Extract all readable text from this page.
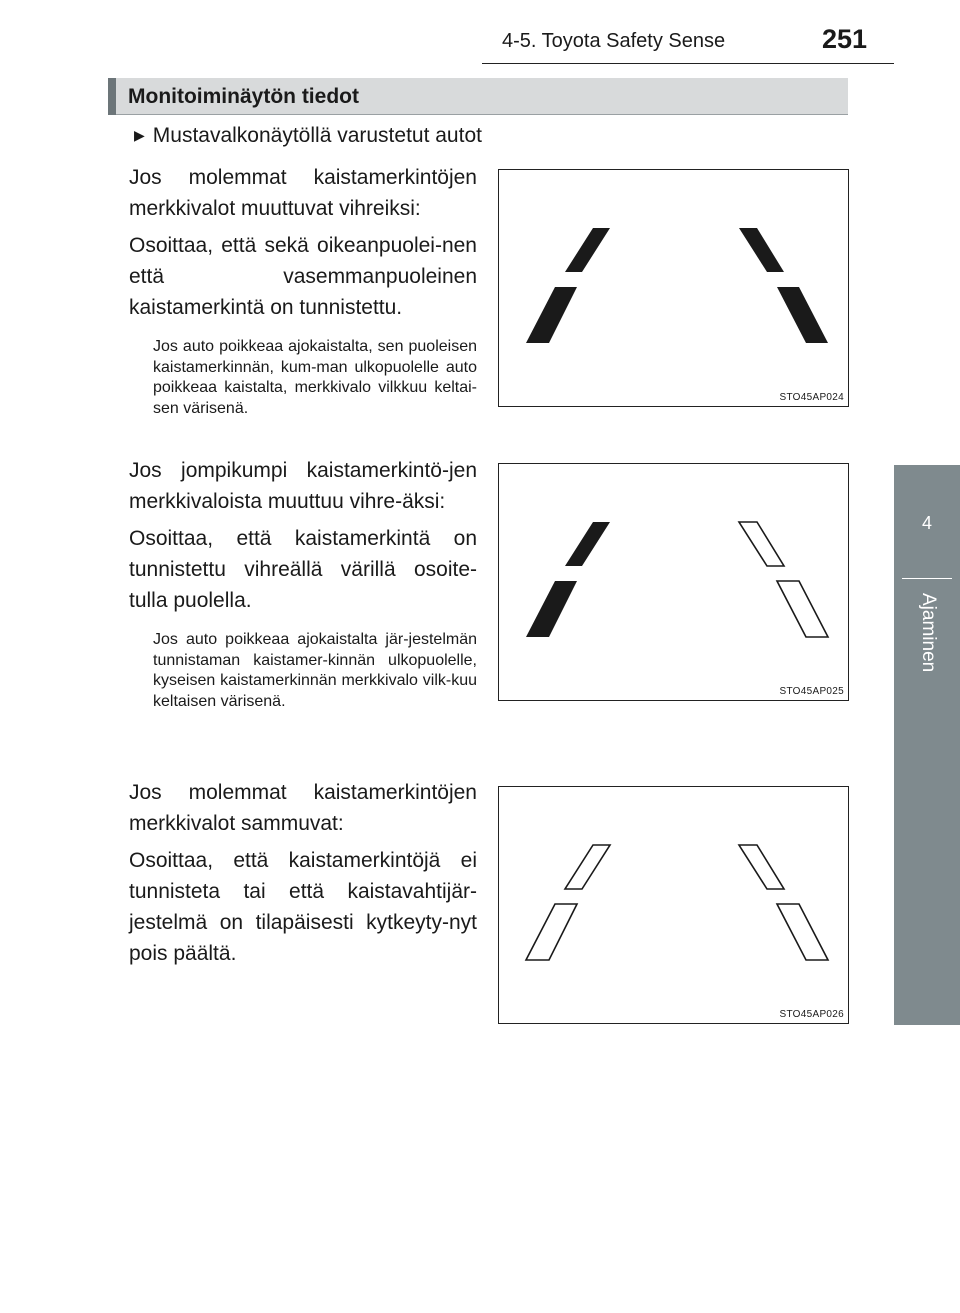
4-5. Toyota Safety Sense	251
4
Ajaminen
Monitoiminäytön tiedot
▶ Mustavalkonäytöllä varustetut autot

Jos molemmat kaistamerkintöjen merkkivalot muuttuvat vihreiksi:

Osoittaa, että sekä oikeanpuolei-nen että vasemmanpuoleinen kaistamerkintä on tunnistettu.

Jos auto poikkeaa ajokaistalta, sen puoleisen kaistamerkinnän, kum-man ulkopuolelle auto poikkeaa kaistalta, merkkivalo vilkkuu keltai-sen värisenä.

STO45AP024

Jos jompikumpi kaistamerkintö-jen merkkivaloista muuttuu vihre-äksi:

Osoittaa, että kaistamerkintä on tunnistettu vihreällä värillä osoite-tulla puolella.

Jos auto poikkeaa ajokaistalta jär-jestelmän tunnistaman kaistamer-kinnän ulkopuolelle, kyseisen kaistamerkinnän merkkivalo vilk-kuu keltaisen värisenä.

STO45AP025

Jos molemmat kaistamerkintöjen merkkivalot sammuvat:

Osoittaa, että kaistamerkintöjä ei tunnisteta tai että kaistavahtijär-jestelmä on tilapäisesti kytkeyty-nyt pois päältä.

STO45AP026
